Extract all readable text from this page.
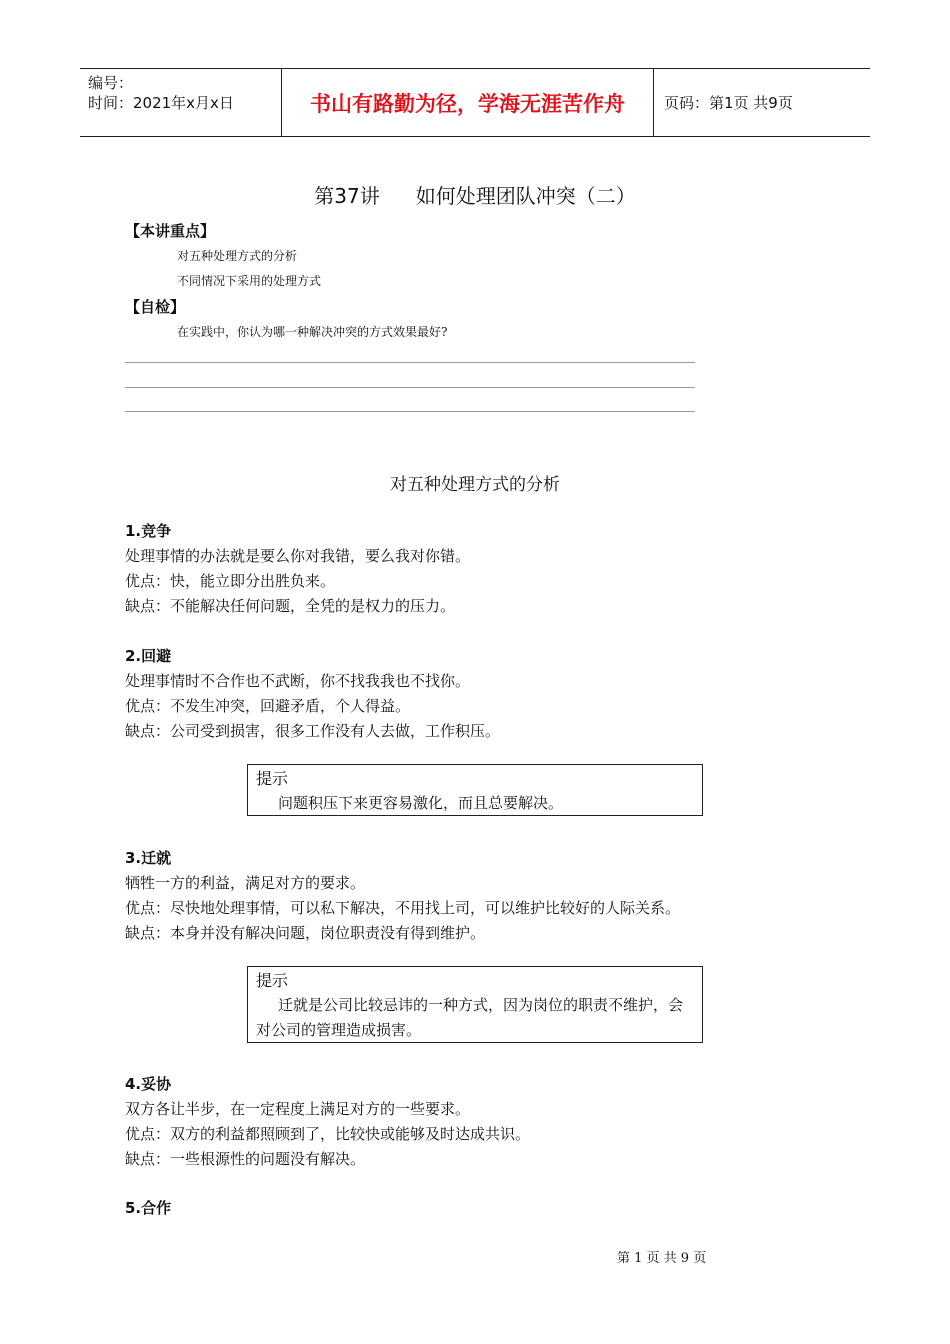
编号：
时间：2021年x月x日	书山有路勤为径，学海无涯苦作舟	页码：第1页 共9页
第37讲 如何处理团队冲突（二）
【本讲重点】
对五种处理方式的分析
不同情况下采用的处理方式
【自检】
在实践中，你认为哪一种解决冲突的方式效果最好?
对五种处理方式的分析
1.竞争
处理事情的办法就是要么你对我错，要么我对你错。
优点：快，能立即分出胜负来。
缺点：不能解决任何问题，全凭的是权力的压力。
2.回避
处理事情时不合作也不武断，你不找我我也不找你。
优点：不发生冲突，回避矛盾，个人得益。
缺点：公司受到损害，很多工作没有人去做，工作积压。
提示
问题积压下来更容易激化，而且总要解决。
3.迁就
牺牲一方的利益，满足对方的要求。
优点：尽快地处理事情，可以私下解决，不用找上司，可以维护比较好的人际关系。
缺点：本身并没有解决问题，岗位职责没有得到维护。
提示
迁就是公司比较忌讳的一种方式，因为岗位的职责不维护，会对公司的管理造成损害。
4.妥协
双方各让半步，在一定程度上满足对方的一些要求。
优点：双方的利益都照顾到了，比较快或能够及时达成共识。
缺点：一些根源性的问题没有解决。
5.合作
第 1 页 共 9 页
